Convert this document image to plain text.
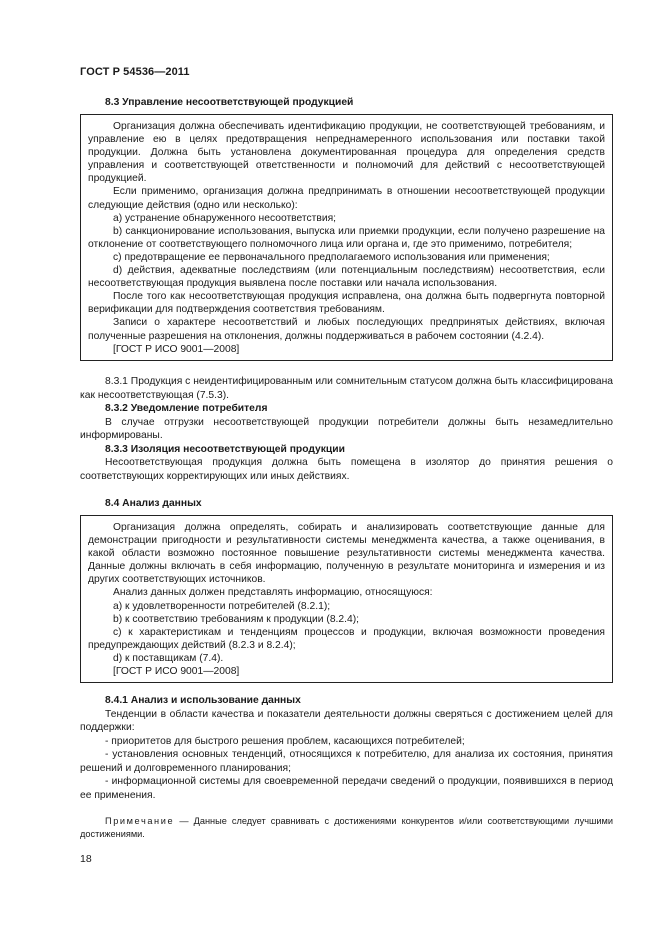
ГОСТ Р 54536—2011

8.3 Управление несоответствующей продукцией

Организация должна обеспечивать идентификацию продукции, не соответствующей требованиям, и управление ею в целях предотвращения непреднамеренного использования или поставки такой продукции. Должна быть установлена документированная процедура для определения средств управления и соответствующей ответственности и полномочий для действий с несоответствующей продукцией.

Если применимо, организация должна предпринимать в отношении несоответствующей продукции следующие действия (одно или несколько):

а) устранение обнаруженного несоответствия;

b) санкционирование использования, выпуска или приемки продукции, если получено разрешение на отклонение от соответствующего полномочного лица или органа и, где это применимо, потребителя;

с) предотвращение ее первоначального предполагаемого использования или применения;

d) действия, адекватные последствиям (или потенциальным последствиям) несоответствия, если несоответствующая продукция выявлена после поставки или начала использования.

После того как несоответствующая продукция исправлена, она должна быть подвергнута повторной верификации для подтверждения соответствия требованиям.

Записи о характере несоответствий и любых последующих предпринятых действиях, включая полученные разрешения на отклонения, должны поддерживаться в рабочем состоянии (4.2.4).

[ГОСТ Р ИСО 9001—2008]

8.3.1 Продукция с неидентифицированным или сомнительным статусом должна быть классифицирована как несоответствующая (7.5.3).

8.3.2 Уведомление потребителя

В случае отгрузки несоответствующей продукции потребители должны быть незамедлительно информированы.

8.3.3 Изоляция несоответствующей продукции

Несоответствующая продукция должна быть помещена в изолятор до принятия решения о соответствующих корректирующих или иных действиях.

8.4 Анализ данных

Организация должна определять, собирать и анализировать соответствующие данные для демонстрации пригодности и результативности системы менеджмента качества, а также оценивания, в какой области возможно постоянное повышение результативности системы менеджмента качества. Данные должны включать в себя информацию, полученную в результате мониторинга и измерения и из других соответствующих источников.

Анализ данных должен представлять информацию, относящуюся:

а) к удовлетворенности потребителей (8.2.1);

b) к соответствию требованиям к продукции (8.2.4);

с) к характеристикам и тенденциям процессов и продукции, включая возможности проведения предупреждающих действий (8.2.3 и 8.2.4);

d) к поставщикам (7.4).

[ГОСТ Р ИСО 9001—2008]

8.4.1 Анализ и использование данных

Тенденции в области качества и показатели деятельности должны сверяться с достижением целей для поддержки:

- приоритетов для быстрого решения проблем, касающихся потребителей;

- установления основных тенденций, относящихся к потребителю, для анализа их состояния, принятия решений и долговременного планирования;

- информационной системы для своевременной передачи сведений о продукции, появившихся в период ее применения.

Примечание — Данные следует сравнивать с достижениями конкурентов и/или соответствующими лучшими достижениями.

18
